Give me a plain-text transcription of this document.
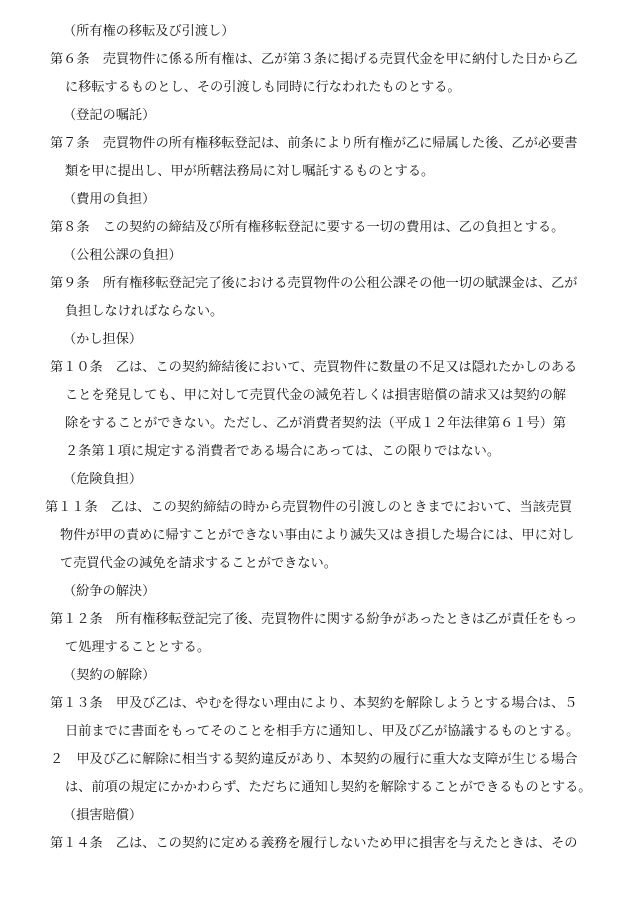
（所有権の移転及び引渡し）
第６条　売買物件に係る所有権は、乙が第３条に掲げる売買代金を甲に納付した日から乙
に移転するものとし、その引渡しも同時に行なわれたものとする。
（登記の嘱託）
第７条　売買物件の所有権移転登記は、前条により所有権が乙に帰属した後、乙が必要書
類を甲に提出し、甲が所轄法務局に対し嘱託するものとする。
（費用の負担）
第８条　この契約の締結及び所有権移転登記に要する一切の費用は、乙の負担とする。
（公租公課の負担）
第９条　所有権移転登記完了後における売買物件の公租公課その他一切の賦課金は、乙が
負担しなければならない。
（かし担保）
第１０条　乙は、この契約締結後において、売買物件に数量の不足又は隠れたかしのある
ことを発見しても、甲に対して売買代金の減免若しくは損害賠償の請求又は契約の解
除をすることができない。ただし、乙が消費者契約法（平成１２年法律第６１号）第
２条第１項に規定する消費者である場合にあっては、この限りではない。
（危険負担）
第１１条　乙は、この契約締結の時から売買物件の引渡しのときまでにおいて、当該売買
物件が甲の責めに帰すことができない事由により滅失又はき損した場合には、甲に対し
て売買代金の減免を請求することができない。
（紛争の解決）
第１２条　所有権移転登記完了後、売買物件に関する紛争があったときは乙が責任をもっ
て処理することとする。
（契約の解除）
第１３条　甲及び乙は、やむを得ない理由により、本契約を解除しようとする場合は、５
日前までに書面をもってそのことを相手方に通知し、甲及び乙が協議するものとする。
２　甲及び乙に解除に相当する契約違反があり、本契約の履行に重大な支障が生じる場合
は、前項の規定にかかわらず、ただちに通知し契約を解除することができるものとする。
（損害賠償）
第１４条　乙は、この契約に定める義務を履行しないため甲に損害を与えたときは、その
